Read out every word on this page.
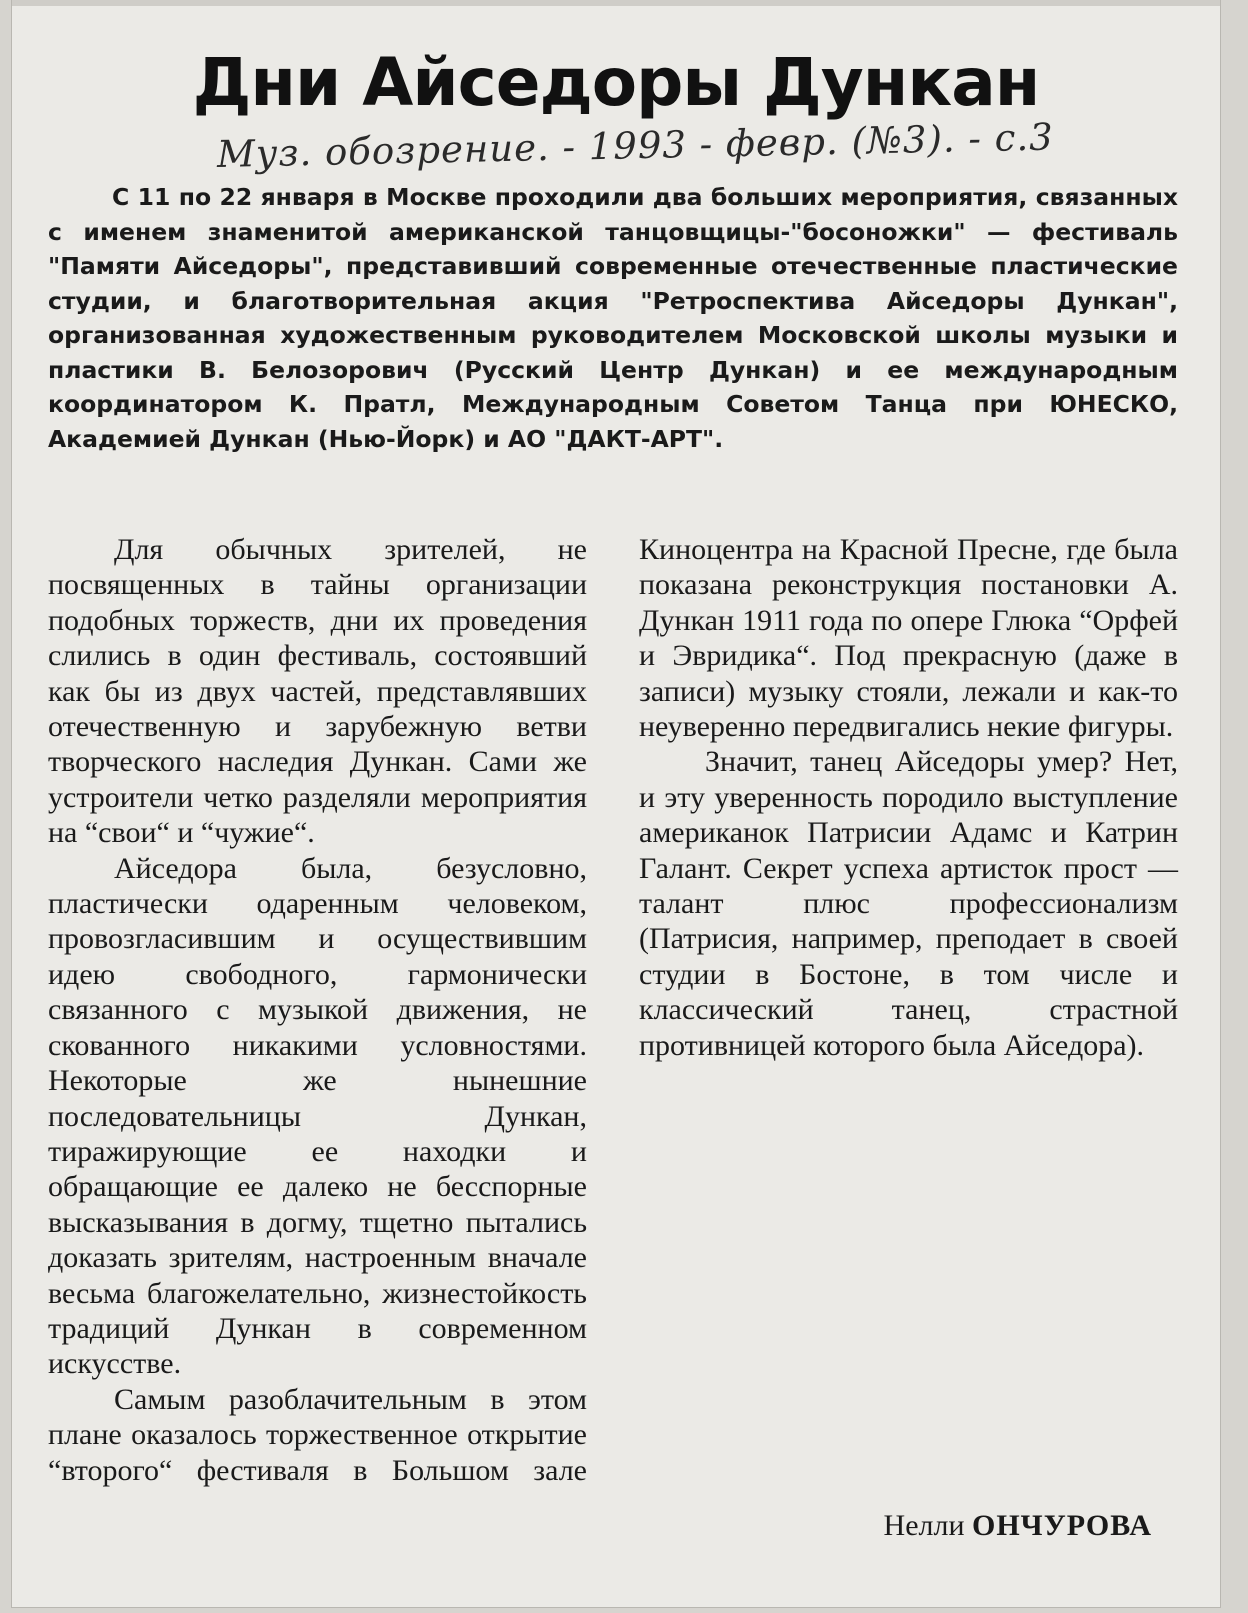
Дни Айседоры Дункан
Муз. обозрение. - 1993 - февр. (№3). - с.3

С 11 по 22 января в Москве проходили два больших мероприятия, связанных с именем знаменитой американской танцовщицы-"босоножки" — фестиваль "Памяти Айседоры", представивший современные отечественные пластические студии, и благотворительная акция "Ретроспектива Айседоры Дункан", организованная художественным руководителем Московской школы музыки и пластики В. Белозорович (Русский Центр Дункан) и ее международным координатором К. Пратл, Международным Советом Танца при ЮНЕСКО, Академией Дункан (Нью-Йорк) и АО "ДАКТ-АРТ".

Для обычных зрителей, не посвященных в тайны организации подобных торжеств, дни их проведения слились в один фестиваль, состоявший как бы из двух частей, представлявших отечественную и зарубежную ветви творческого наследия Дункан. Сами же устроители четко разделяли мероприятия на “свои“ и “чужие“.

Айседора была, безусловно, пластически одаренным человеком, провозгласившим и осуществившим идею свободного, гармонически связанного с музыкой движения, не скованного никакими условностями. Некоторые же нынешние последовательницы Дункан, тиражирующие ее находки и обращающие ее далеко не бесспорные высказывания в догму, тщетно пытались доказать зрителям, настроенным вначале весьма благожелательно, жизнестойкость традиций Дункан в современном искусстве.

Самым разоблачительным в этом плане оказалось торжественное открытие “второго“ фестиваля в Большом зале Киноцентра на Красной Пресне, где была показана реконструкция постановки А. Дункан 1911 года по опере Глюка “Орфей и Эвридика“. Под прекрасную (даже в записи) музыку стояли, лежали и как-то неуверенно передвигались некие фигуры.

Значит, танец Айседоры умер? Нет, и эту уверенность породило выступление американок Патрисии Адамс и Катрин Галант. Секрет успеха артисток прост — талант плюс профессионализм (Патрисия, например, преподает в своей студии в Бостоне, в том числе и классический танец, страстной противницей которого была Айседора).

Нелли ОНЧУРОВА
